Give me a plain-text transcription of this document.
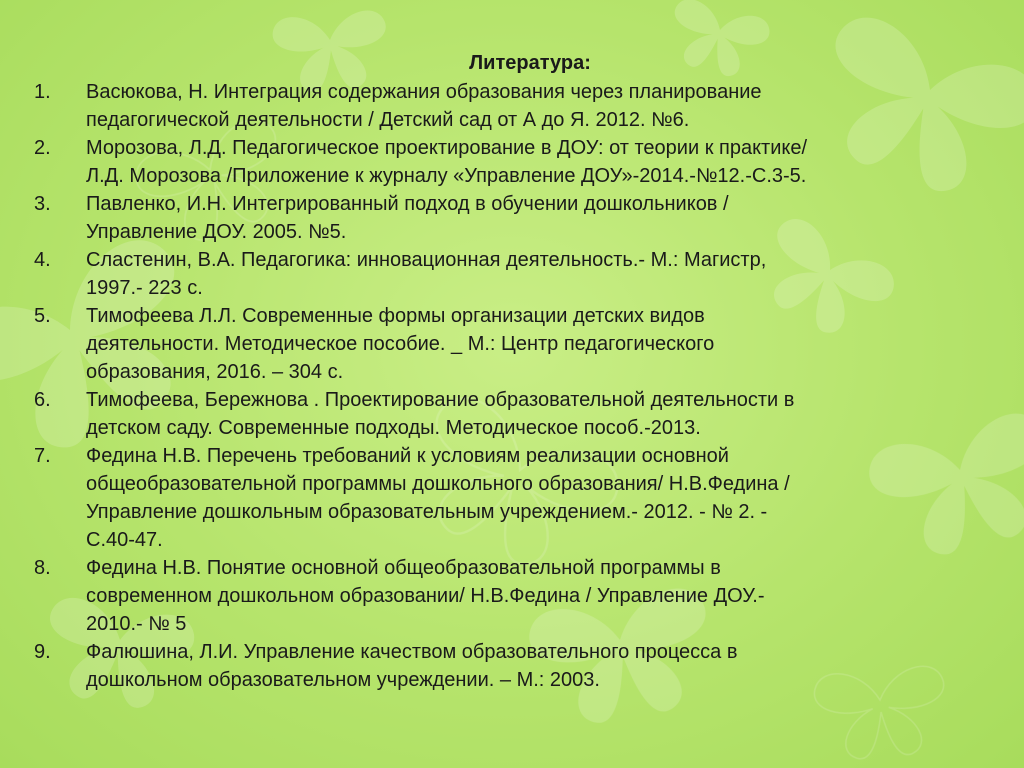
Литература:
1. Васюкова, Н. Интеграция содержания образования через планирование
педагогической деятельности / Детский сад от А до Я. 2012. №6.
2. Морозова, Л.Д. Педагогическое проектирование в ДОУ: от теории к практике/
Л.Д. Морозова /Приложение к журналу «Управление ДОУ»-2014.-№12.-С.3-5.
3. Павленко, И.Н. Интегрированный подход в обучении дошкольников /
Управление ДОУ. 2005. №5.
4. Сластенин, В.А. Педагогика: инновационная деятельность.- М.: Магистр,
1997.- 223 с.
5. Тимофеева Л.Л. Современные формы организации детских видов
деятельности. Методическое пособие. _ М.: Центр педагогического
образования, 2016. – 304 с.
6. Тимофеева, Бережнова . Проектирование образовательной деятельности в
детском саду. Современные подходы. Методическое пособ.-2013.
7. Федина Н.В. Перечень требований к условиям реализации основной
общеобразовательной программы дошкольного образования/ Н.В.Федина /
Управление дошкольным образовательным учреждением.- 2012. - № 2. -
С.40-47.
8. Федина Н.В. Понятие основной общеобразовательной программы в
современном дошкольном образовании/ Н.В.Федина / Управление ДОУ.-
2010.- № 5
9. Фалюшина, Л.И. Управление качеством образовательного процесса в
дошкольном образовательном учреждении. – М.: 2003.
